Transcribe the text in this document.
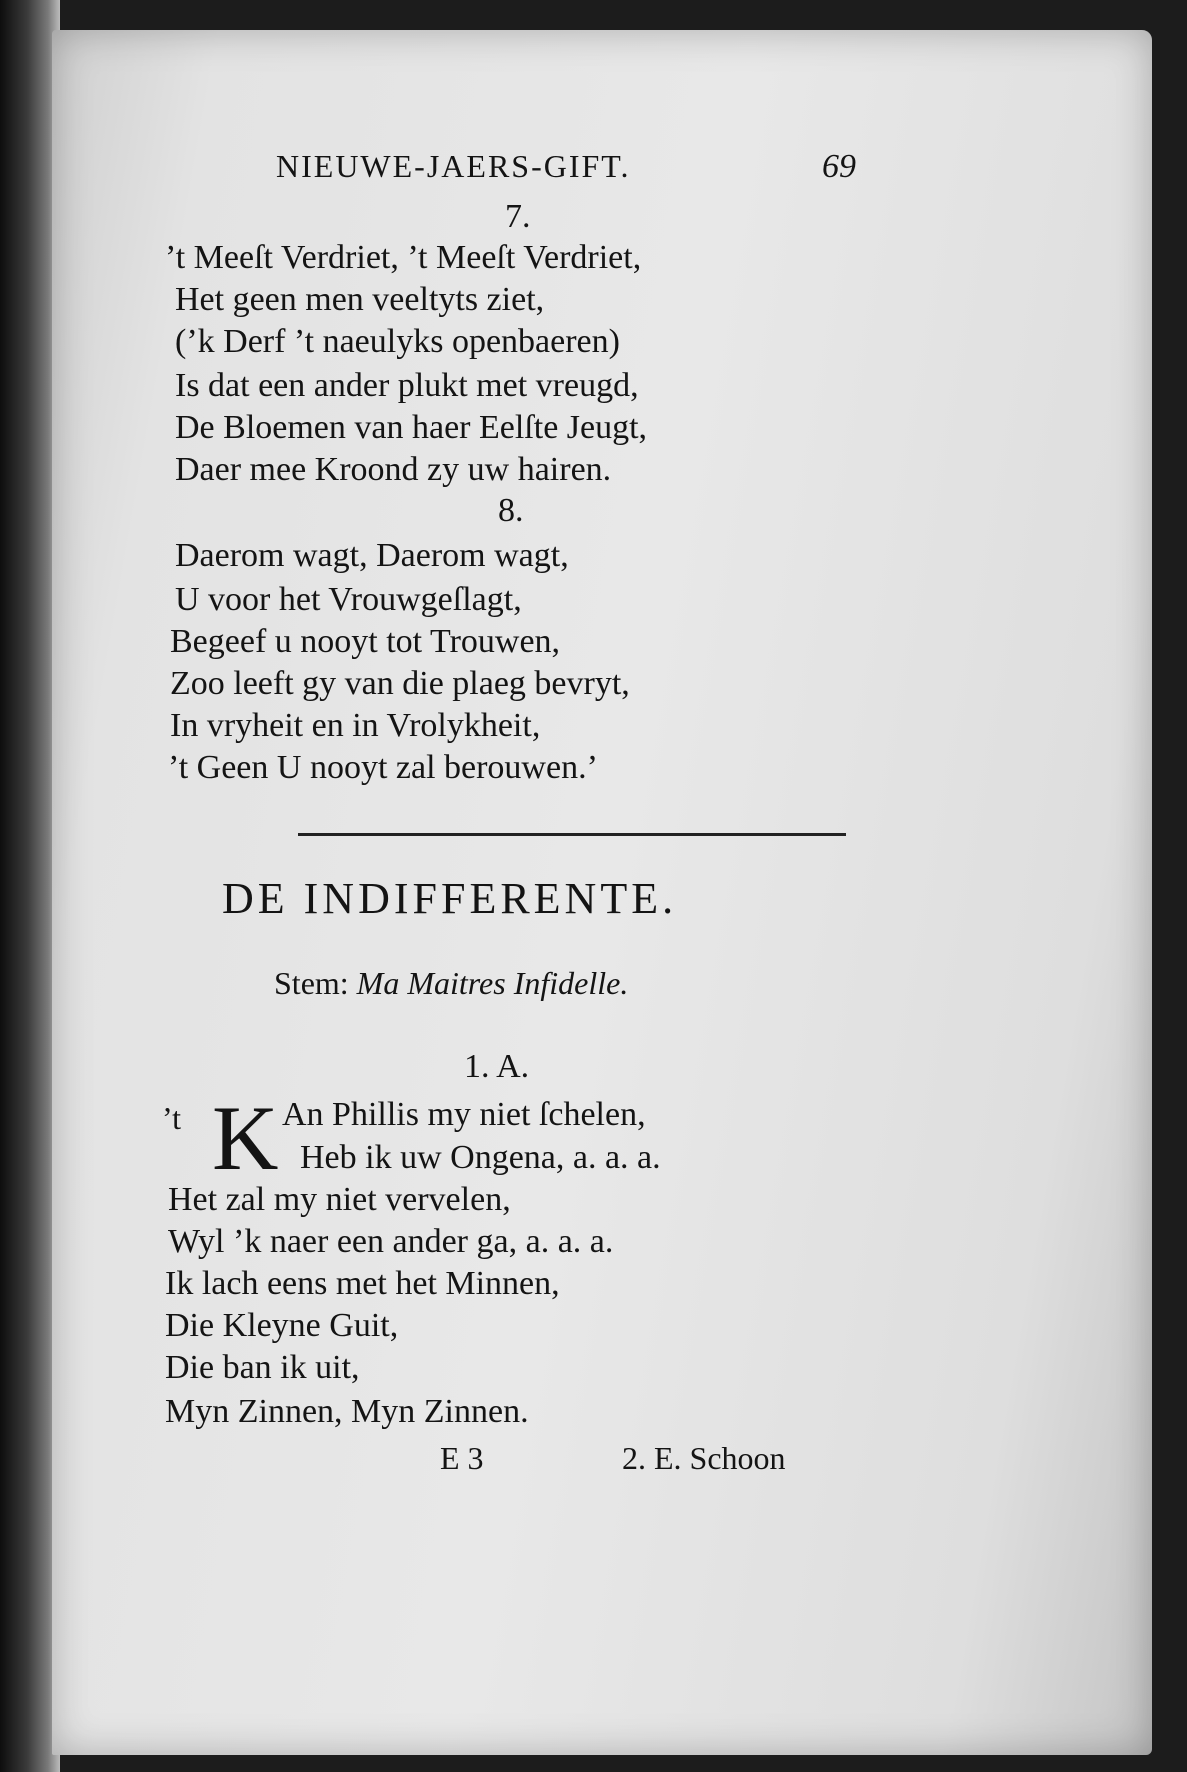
NIEUWE-JAERS-GIFT.	69
7.
’t Meeſt Verdriet, ’t Meeſt Verdriet,
Het geen men veeltyts ziet,
(’k Derf ’t naeulyks openbaeren)
Is dat een ander plukt met vreugd,
De Bloemen van haer Eelſte Jeugt,
Daer mee Kroond zy uw hairen.
8.
Daerom wagt, Daerom wagt,
U voor het Vrouwgeſlagt,
Begeef u nooyt tot Trouwen,
Zoo leeft gy van die plaeg bevryt,
In vryheit en in Vrolykheit,
’t Geen U nooyt zal berouwen.’
DE INDIFFERENTE.
Stem: Ma Maitres Infidelle.
1. A.
’t K An Phillis my niet ſchelen,
Heb ik uw Ongena, a. a. a.
Het zal my niet vervelen,
Wyl ’k naer een ander ga, a. a. a.
Ik lach eens met het Minnen,
Die Kleyne Guit,
Die ban ik uit,
Myn Zinnen, Myn Zinnen.
E 3	2. E. Schoon
